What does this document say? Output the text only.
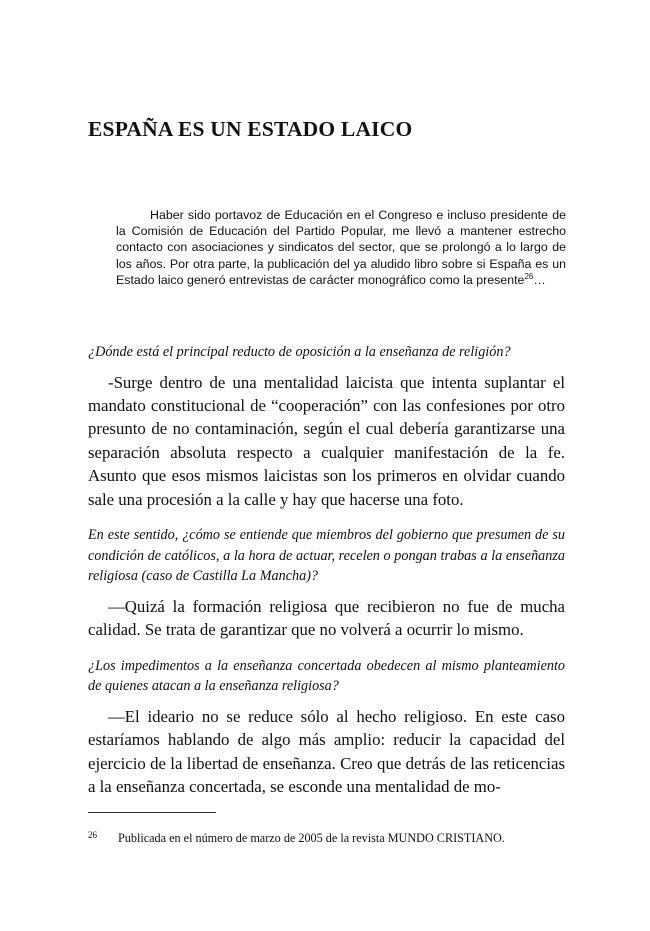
ESPAÑA ES UN ESTADO LAICO

Haber sido portavoz de Educación en el Congreso e incluso presidente de la Comisión de Educación del Partido Popular, me llevó a mantener estrecho contacto con asociaciones y sindicatos del sector, que se prolongó a lo largo de los años. Por otra parte, la publicación del ya aludido libro sobre si España es un Estado laico generó entrevistas de carácter monográfico como la presente$^{26}$…

¿Dónde está el principal reducto de oposición a la enseñanza de religión?

-Surge dentro de una mentalidad laicista que intenta suplantar el mandato constitucional de “cooperación” con las confesiones por otro presunto de no contaminación, según el cual debería garantizarse una separación absoluta respecto a cualquier manifestación de la fe. Asunto que esos mismos laicistas son los primeros en olvidar cuando sale una procesión a la calle y hay que hacerse una foto.

En este sentido, ¿cómo se entiende que miembros del gobierno que presumen de su condición de católicos, a la hora de actuar, recelen o pongan trabas a la enseñanza religiosa (caso de Castilla La Mancha)?

—Quizá la formación religiosa que recibieron no fue de mucha calidad. Se trata de garantizar que no volverá a ocurrir lo mismo.

¿Los impedimentos a la enseñanza concertada obedecen al mismo planteamiento de quienes atacan a la enseñanza religiosa?

—El ideario no se reduce sólo al hecho religioso. En este caso estaríamos hablando de algo más amplio: reducir la capacidad del ejercicio de la libertad de enseñanza. Creo que detrás de las reticencias a la enseñanza concertada, se esconde una mentalidad de mo-

26 Publicada en el número de marzo de 2005 de la revista MUNDO CRISTIANO.
